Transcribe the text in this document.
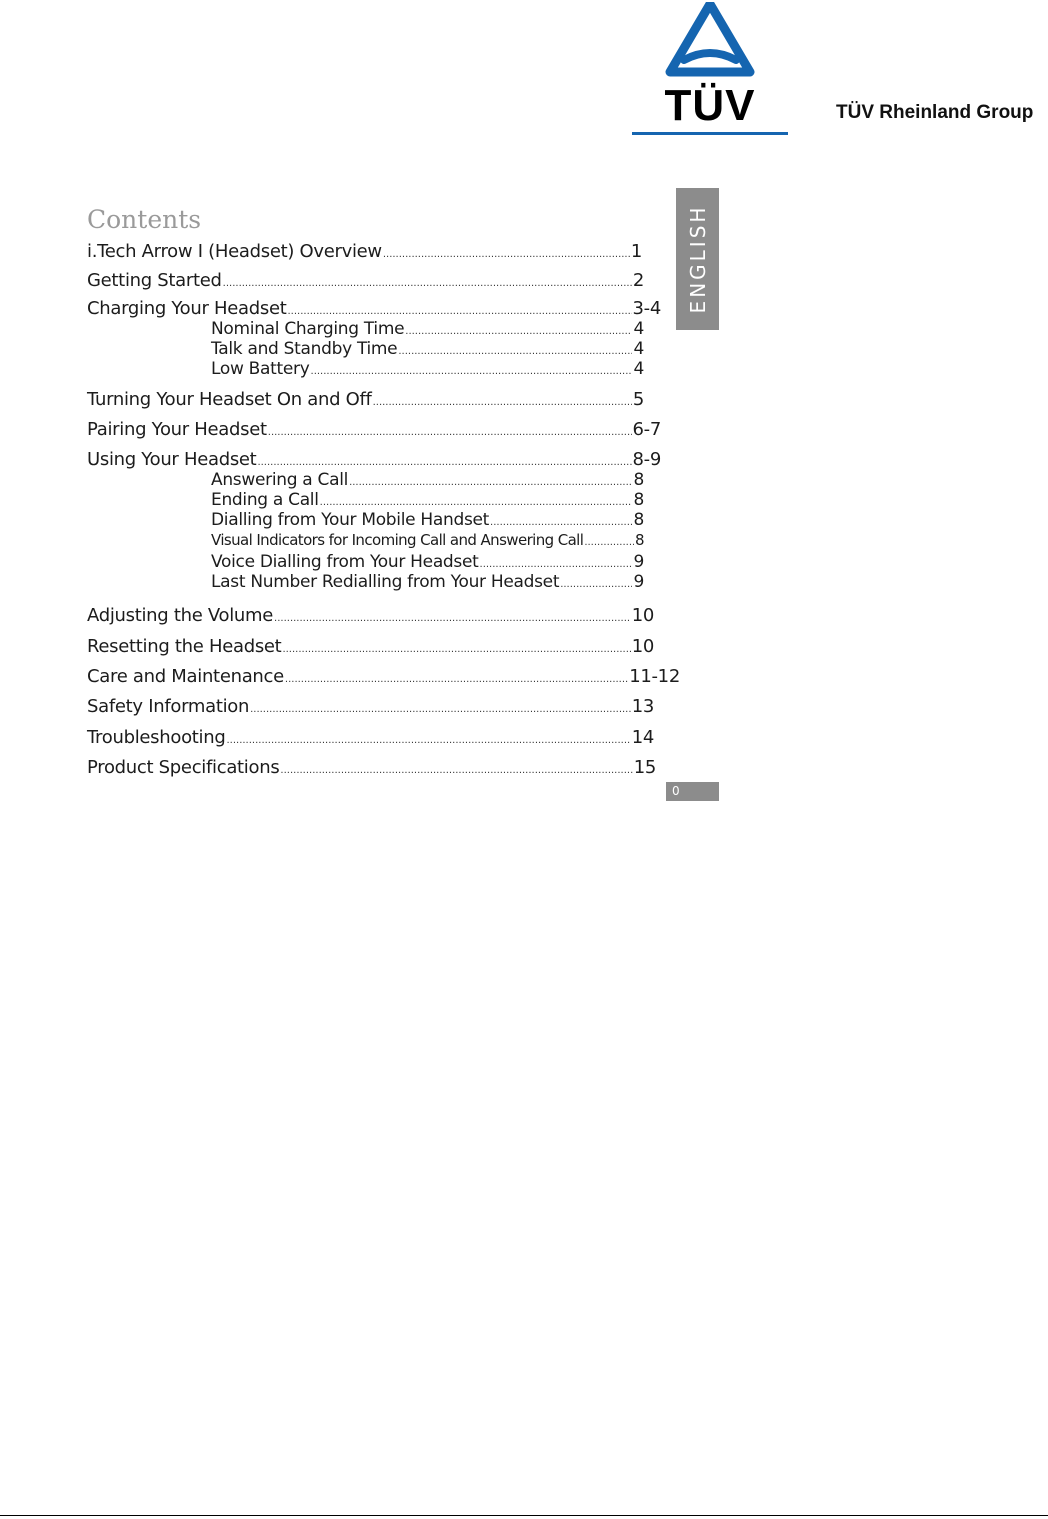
TÜV	TÜV Rheinland Group
Contents
i.Tech Arrow I (Headset) Overview .....	1
Getting Started .....	2
Charging Your Headset .....	3-4
Nominal Charging Time .....	4
Talk and Standby Time .....	4
Low Battery .....	4
Turning Your Headset On and Off .....	5
Pairing Your Headset .....	6-7
Using Your Headset .....	8-9
Answering a Call .....	8
Ending a Call .....	8
Dialling from Your Mobile Handset .....	8
Visual Indicators for Incoming Call and Answering Call .....	8
Voice Dialling from Your Headset .....	9
Last Number Redialling from Your Headset .....	9
Adjusting the Volume .....	10
Resetting the Headset .....	10
Care and Maintenance .....	11-12
Safety Information .....	13
Troubleshooting .....	14
Product Specifications .....	15
ENGLISH
0
